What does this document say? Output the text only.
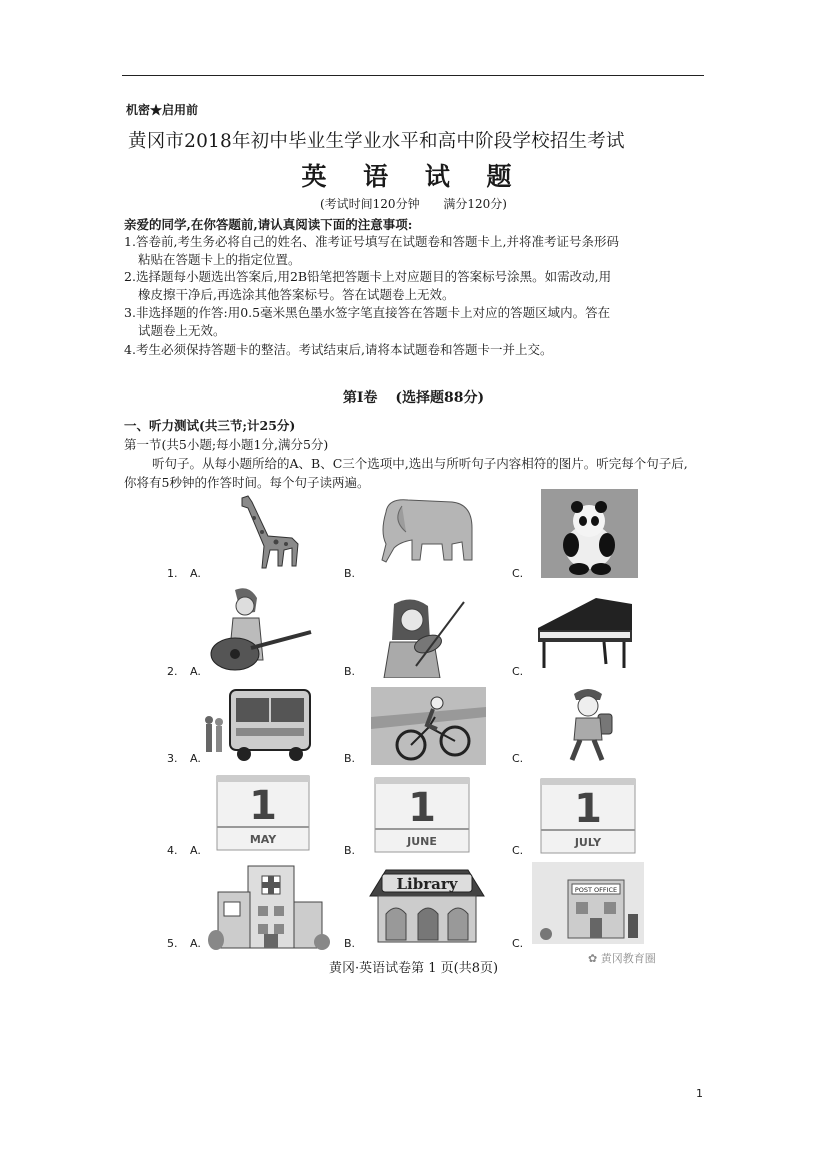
机密★启用前
黄冈市2018年初中毕业生学业水平和高中阶段学校招生考试
英 语 试 题
(考试时间120分钟 满分120分)
亲爱的同学,在你答题前,请认真阅读下面的注意事项:
1.答卷前,考生务必将自己的姓名、准考证号填写在试题卷和答题卡上,并将准考证号条形码
粘贴在答题卡上的指定位置。
2.选择题每小题选出答案后,用2B铅笔把答题卡上对应题目的答案标号涂黑。如需改动,用
橡皮擦干净后,再选涂其他答案标号。答在试题卷上无效。
3.非选择题的作答:用0.5毫米黑色墨水签字笔直接答在答题卡上对应的答题区域内。答在
试题卷上无效。
4.考生必须保持答题卡的整洁。考试结束后,请将本试题卷和答题卡一并上交。
第Ⅰ卷 (选择题88分)
一、听力测试(共三节;计25分)
第一节(共5小题;每小题1分,满分5分)
听句子。从每小题所给的A、B、C三个选项中,选出与所听句子内容相符的图片。听完每个句子后,你将有5秒钟的作答时间。每个句子读两遍。
1. A.	B.	C.
2. A.	B.	C.
3. A.	B.	C.
4. A.	B.	C.
1
MAY
1
JUNE
1
JULY
5. A.	B.	C.
Library	POST OFFICE
黄冈·英语试卷第 1 页(共8页)
✿ 黄冈教育圈
1
